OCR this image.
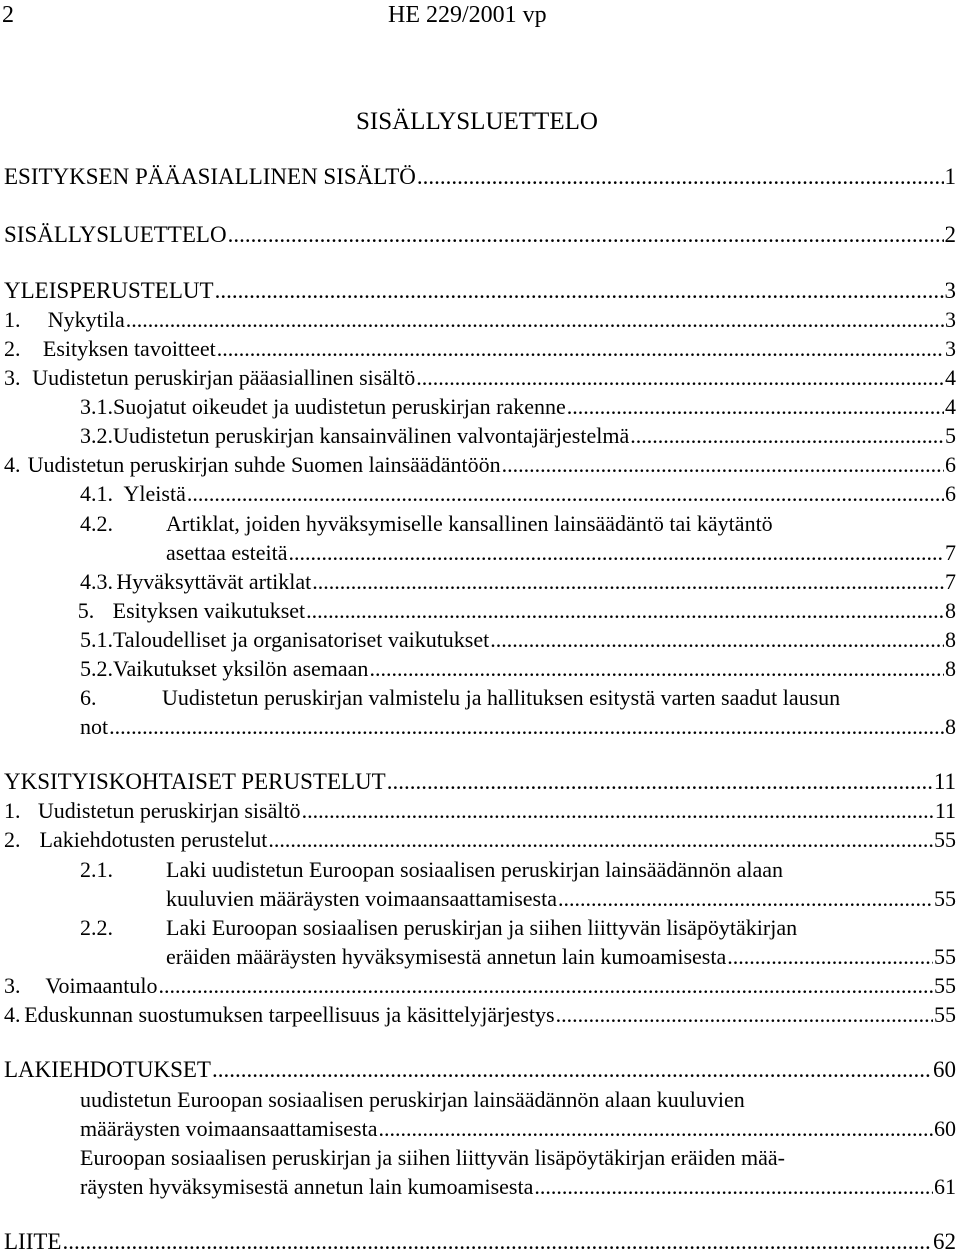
2	HE 229/2001 vp
SISÄLLYSLUETTELO
ESITYKSEN PÄÄASIALLINEN SISÄLTÖ .....	1
SISÄLLYSLUETTELO .....	2
YLEISPERUSTELUT .....	3
1.	Nykytila .....	3
2.	Esityksen tavoitteet .....	3
3. Uudistetun peruskirjan pääasiallinen sisältö .....	4
3.1. Suojatut oikeudet ja uudistetun peruskirjan rakenne .....	4
3.2. Uudistetun peruskirjan kansainvälinen valvontajärjestelmä .....	5
4. Uudistetun peruskirjan suhde Suomen lainsäädäntöön .....	6
4.1. Yleistä .....	6
4.2. Artiklat, joiden hyväksymiselle kansallinen lainsäädäntö tai käytäntö
asettaa esteitä .....	7
4.3. Hyväksyttävät artiklat .....	7
5. Esityksen vaikutukset .....	8
5.1. Taloudelliset ja organisatoriset vaikutukset .....	8
5.2. Vaikutukset yksilön asemaan .....	8
6.	Uudistetun peruskirjan valmistelu ja hallituksen esitystä varten saadut lausun
not .....	8
YKSITYISKOHTAISET PERUSTELUT .....	11
1. Uudistetun peruskirjan sisältö .....	11
2. Lakiehdotusten perustelut .....	55
2.1. Laki uudistetun Euroopan sosiaalisen peruskirjan lainsäädännön alaan
kuuluvien määräysten voimaansaattamisesta .....	55
2.2. Laki Euroopan sosiaalisen peruskirjan ja siihen liittyvän lisäpöytäkirjan
eräiden määräysten hyväksymisestä annetun lain kumoamisesta .....	55
3.	Voimaantulo .....	55
4. Eduskunnan suostumuksen tarpeellisuus ja käsittelyjärjestys .....	55
LAKIEHDOTUKSET .....	60
uudistetun Euroopan sosiaalisen peruskirjan lainsäädännön alaan kuuluvien
määräysten voimaansaattamisesta .....	60
Euroopan sosiaalisen peruskirjan ja siihen liittyvän lisäpöytäkirjan eräiden mää-
räysten hyväksymisestä annetun lain kumoamisesta .....	61
LIITE .....	62
